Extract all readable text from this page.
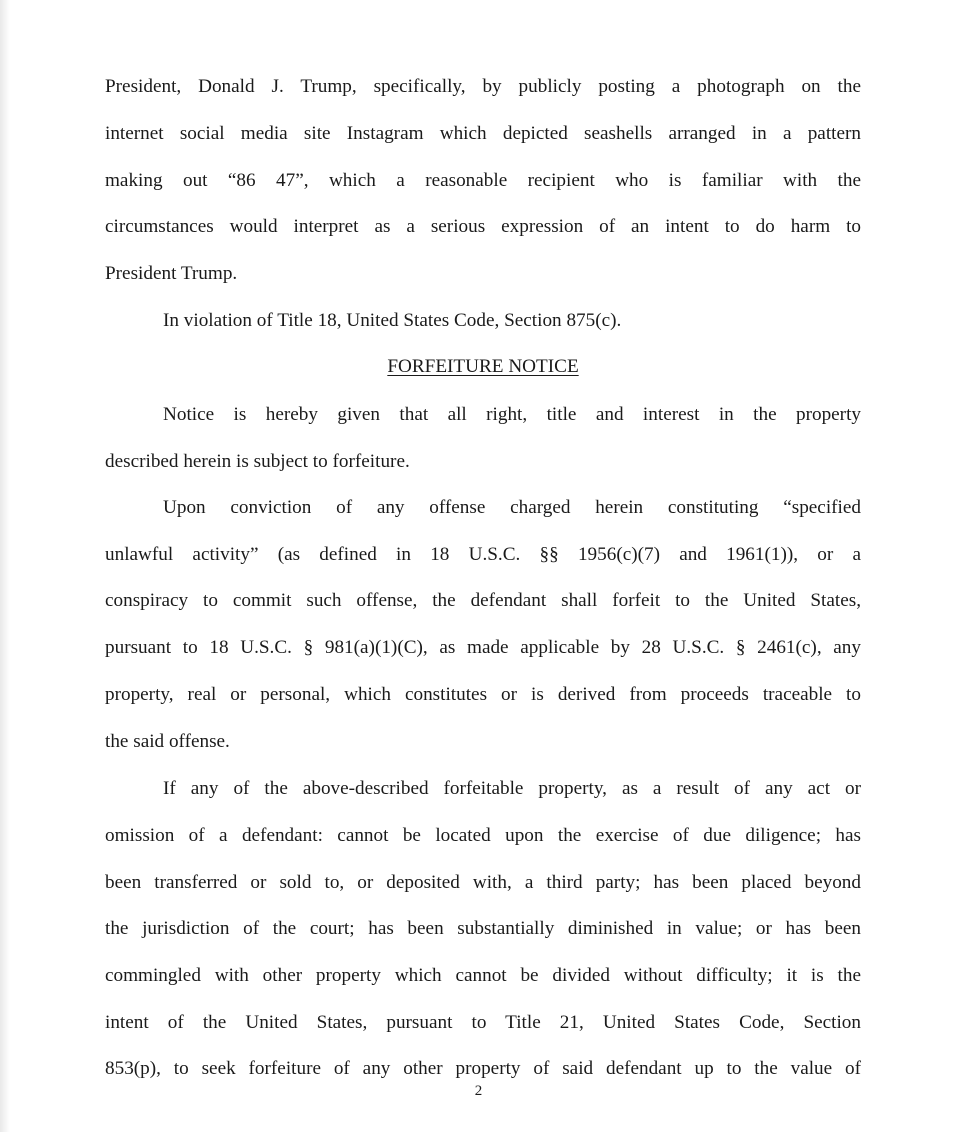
President, Donald J. Trump, specifically, by publicly posting a photograph on the
internet social media site Instagram which depicted seashells arranged in a pattern
making out “86 47”, which a reasonable recipient who is familiar with the
circumstances would interpret as a serious expression of an intent to do harm to
President Trump.
In violation of Title 18, United States Code, Section 875(c).
FORFEITURE NOTICE
Notice is hereby given that all right, title and interest in the property
described herein is subject to forfeiture.
Upon conviction of any offense charged herein constituting “specified
unlawful activity” (as defined in 18 U.S.C. §§ 1956(c)(7) and 1961(1)), or a
conspiracy to commit such offense, the defendant shall forfeit to the United States,
pursuant to 18 U.S.C. § 981(a)(1)(C), as made applicable by 28 U.S.C. § 2461(c), any
property, real or personal, which constitutes or is derived from proceeds traceable to
the said offense.
If any of the above-described forfeitable property, as a result of any act or
omission of a defendant: cannot be located upon the exercise of due diligence; has
been transferred or sold to, or deposited with, a third party; has been placed beyond
the jurisdiction of the court; has been substantially diminished in value; or has been
commingled with other property which cannot be divided without difficulty; it is the
intent of the United States, pursuant to Title 21, United States Code, Section
853(p), to seek forfeiture of any other property of said defendant up to the value of
2
